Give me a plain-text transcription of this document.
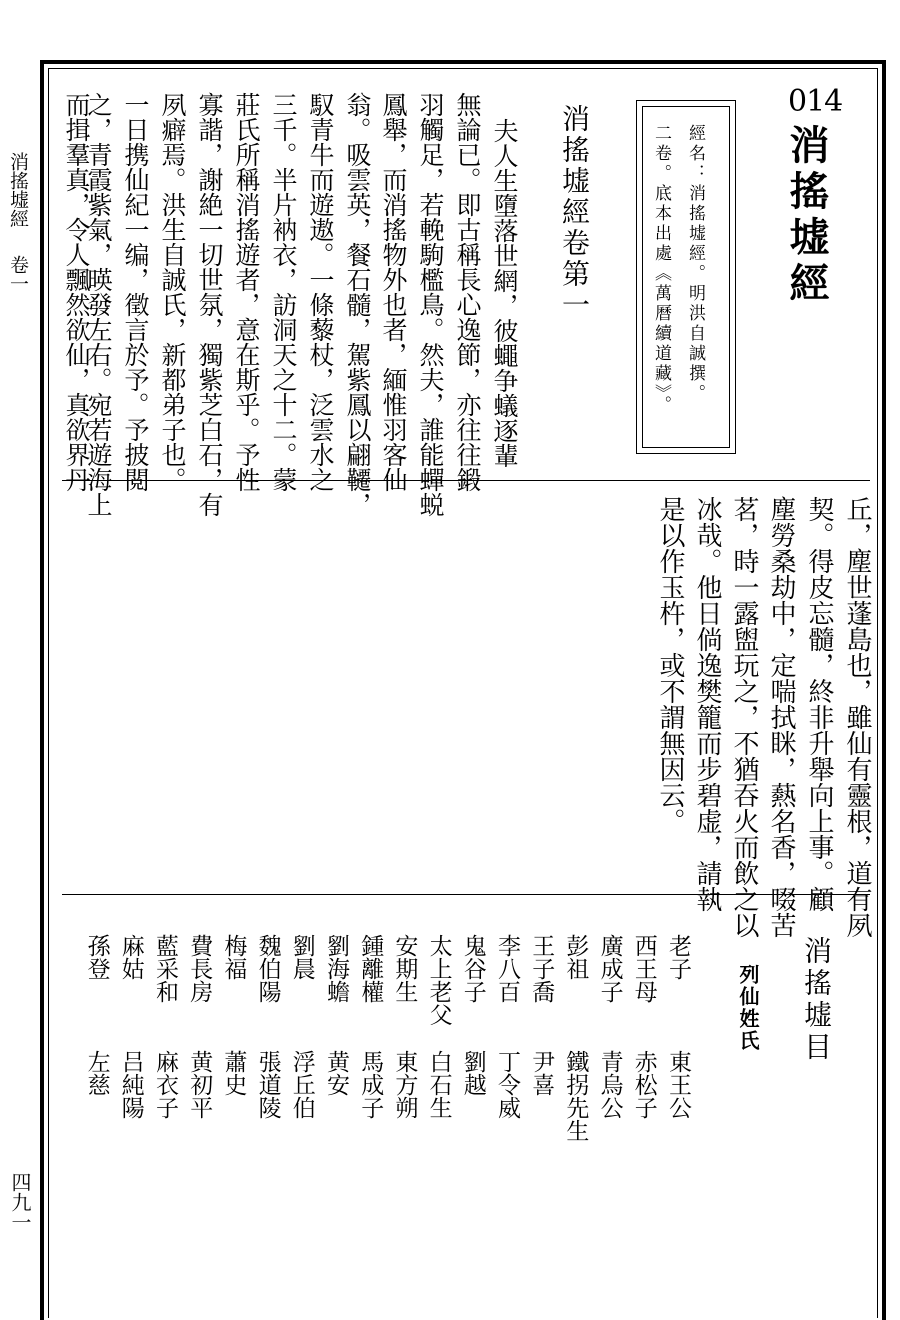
消搖墟經
卷一
四九一
014
消搖墟經
經名：消搖墟經。明洪自誠撰。
二卷。底本出處《萬曆續道藏》。
消搖墟經卷第一
夫人生墮落世網，彼蠅争蟻逐輩
無論已。即古稱長心逸節，亦往往鍛
羽觸足，若輓駒檻鳥。然夫，誰能蟬蜕
鳳舉，而消搖物外也者，緬惟羽客仙
翁。吸雲英，餐石髓，駕紫鳳以翩韆，
馭青牛而遊遨。一條藜杖，泛雲水之
三千。半片衲衣，訪洞天之十二。蒙
莊氏所稱消搖遊者，意在斯乎。予性
寡諧，謝絶一切世氛，獨紫芝白石，有
夙癖焉。洪生自誠氏，新都弟子也。
一日携仙紀一编，徵言於予。予披閲
之，青霞紫氣，暎發左右。宛若遊海上
而揖羣真，令人飄然欲仙，真欲界丹
丘，塵世蓬島也，雖仙有靈根，道有夙
契。得皮忘髓，終非升舉向上事。顧
塵勞桑劫中，定喘拭眯，爇名香，啜苦
茗，時一露盥玩之，不猶吞火而飲之以
冰哉。他日倘逸樊籠而步碧虚，請執
是以作玉杵，或不謂無因云。
消搖墟目
列仙姓氏
老子
東王公
西王母
赤松子
廣成子
青烏公
彭祖
鐵拐先生
王子喬
尹喜
李八百
丁令威
鬼谷子
劉越
太上老父
白石生
安期生
東方朔
鍾離權
馬成子
劉海蟾
黄安
劉晨
浮丘伯
魏伯陽
張道陵
梅福
蕭史
費長房
黄初平
藍采和
麻衣子
麻姑
吕純陽
孫登
左慈
